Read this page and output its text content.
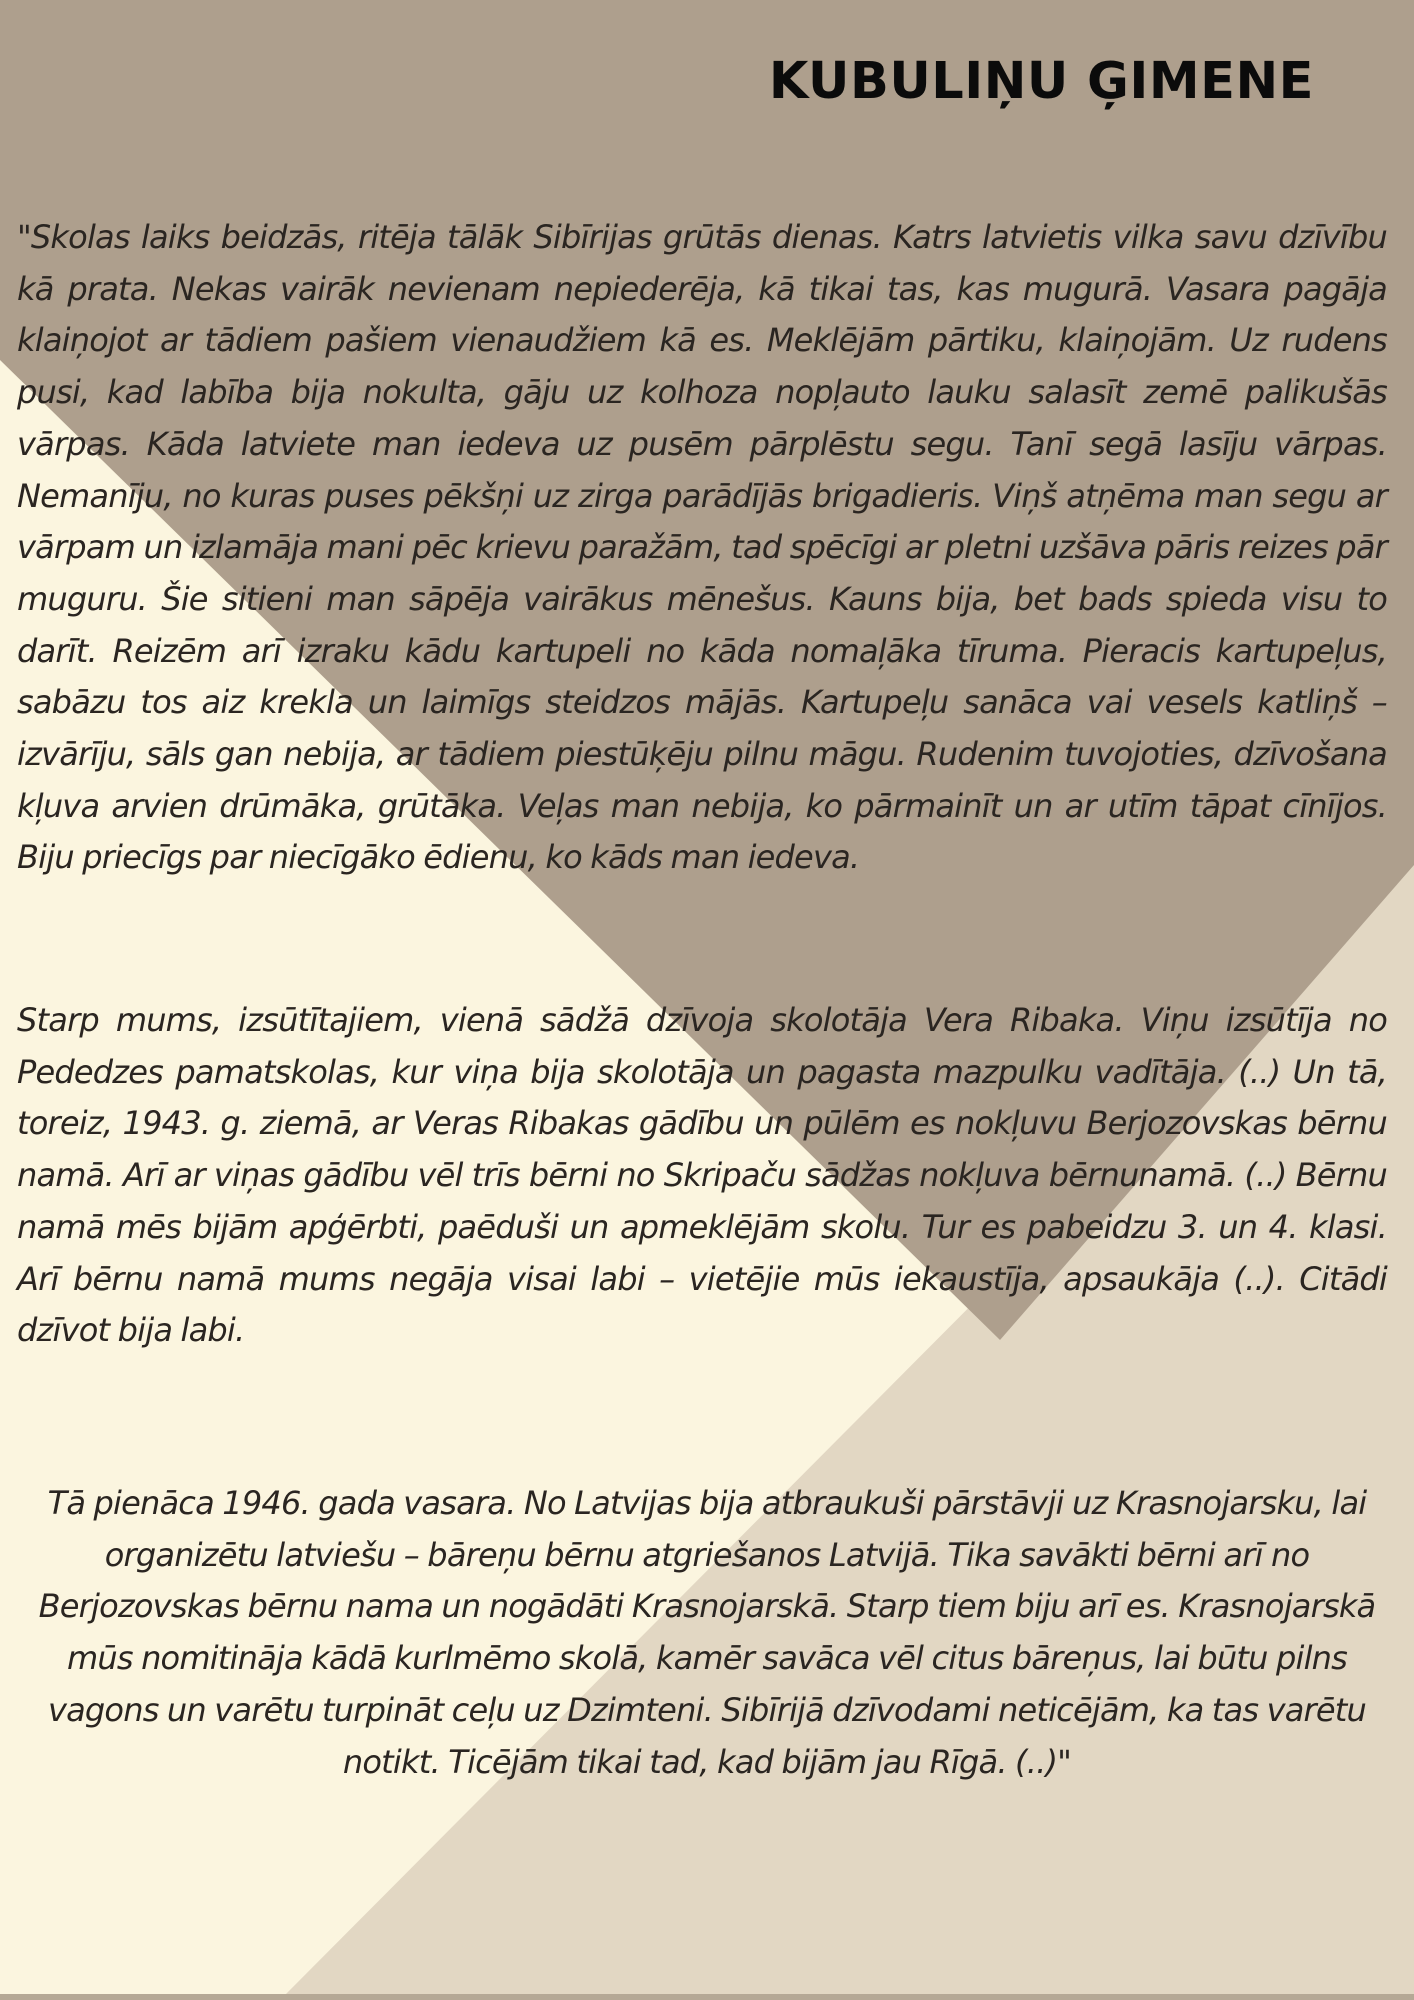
KUBULIŅU ĢIMENE

"Skolas laiks beidzās, ritēja tālāk Sibīrijas grūtās dienas. Katrs latvietis vilka savu dzīvību kā prata. Nekas vairāk nevienam nepiederēja, kā tikai tas, kas mugurā. Vasara pagāja klaiņojot ar tādiem pašiem vienaudžiem kā es. Meklējām pārtiku, klaiņojām. Uz rudens pusi, kad labība bija nokulta, gāju uz kolhoza nopļauto lauku salasīt zemē palikušās vārpas. Kāda latviete man iedeva uz pusēm pārplēstu segu. Tanī segā lasīju vārpas. Nemanīju, no kuras puses pēkšņi uz zirga parādījās brigadieris. Viņš atņēma man segu ar vārpam un izlamāja mani pēc krievu paražām, tad spēcīgi ar pletni uzšāva pāris reizes pār muguru. Šie sitieni man sāpēja vairākus mēnešus. Kauns bija, bet bads spieda visu to darīt. Reizēm arī izraku kādu kartupeli no kāda nomaļāka tīruma. Pieracis kartupeļus, sabāzu tos aiz krekla un laimīgs steidzos mājās. Kartupeļu sanāca vai vesels katliņš – izvārīju, sāls gan nebija, ar tādiem piestūķēju pilnu māgu. Rudenim tuvojoties, dzīvošana kļuva arvien drūmāka, grūtāka. Veļas man nebija, ko pārmainīt un ar utīm tāpat cīnījos. Biju priecīgs par niecīgāko ēdienu, ko kāds man iedeva.

Starp mums, izsūtītajiem, vienā sādžā dzīvoja skolotāja Vera Ribaka. Viņu izsūtīja no Pededzes pamatskolas, kur viņa bija skolotāja un pagasta mazpulku vadītāja. (..) Un tā, toreiz, 1943. g. ziemā, ar Veras Ribakas gādību un pūlēm es nokļuvu Berjozovskas bērnu namā. Arī ar viņas gādību vēl trīs bērni no Skripaču sādžas nokļuva bērnunamā. (..) Bērnu namā mēs bijām apģērbti, paēduši un apmeklējām skolu. Tur es pabeidzu 3. un 4. klasi. Arī bērnu namā mums negāja visai labi – vietējie mūs iekaustīja, apsaukāja (..). Citādi dzīvot bija labi.

Tā pienāca 1946. gada vasara. No Latvijas bija atbraukuši pārstāvji uz Krasnojarsku, lai organizētu latviešu – bāreņu bērnu atgriešanos Latvijā. Tika savākti bērni arī no Berjozovskas bērnu nama un nogādāti Krasnojarskā. Starp tiem biju arī es. Krasnojarskā mūs nomitināja kādā kurlmēmo skolā, kamēr savāca vēl citus bāreņus, lai būtu pilns vagons un varētu turpināt ceļu uz Dzimteni. Sibīrijā dzīvodami neticējām, ka tas varētu notikt. Ticējām tikai tad, kad bijām jau Rīgā. (..)"
